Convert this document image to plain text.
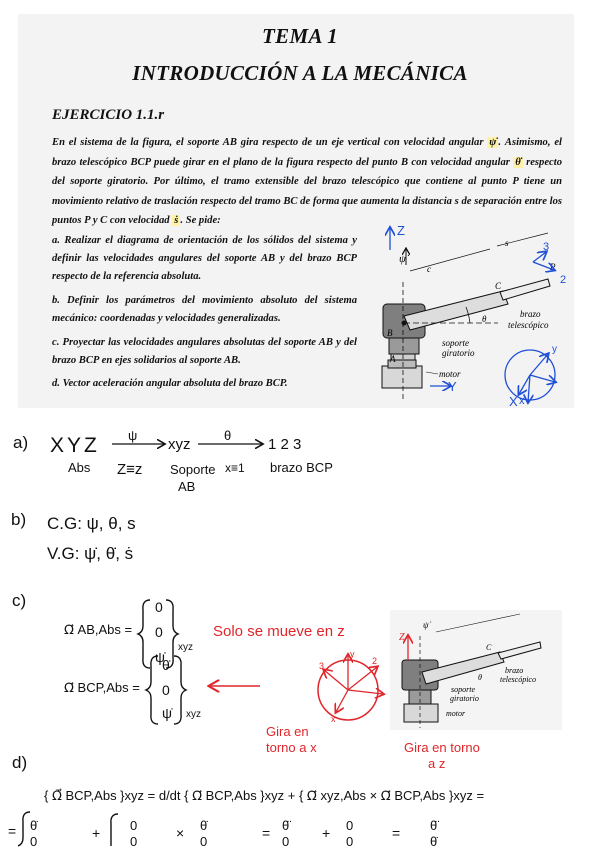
TEMA 1
INTRODUCCIÓN A LA MECÁNICA
EJERCICIO 1.1.r
En el sistema de la figura, el soporte AB gira respecto de un eje vertical con velocidad angular ψ̇ . Asimismo, el brazo telescópico BCP puede girar en el plano de la figura respecto del punto B con velocidad angular θ̇ respecto del soporte giratorio. Por último, el tramo extensible del brazo telescópico que contiene al punto P tiene un movimiento relativo de traslación respecto del tramo BC de forma que aumenta la distancia s de separación entre los puntos P y C con velocidad ṡ . Se pide:
a. Realizar el diagrama de orientación de los sólidos del sistema y definir las velocidades angulares del soporte AB y del brazo BCP respecto de la referencia absoluta.
b. Definir los parámetros del movimiento absoluto del sistema mecánico: coordenadas y velocidades generalizadas.
c. Proyectar las velocidades angulares absolutas del soporte AB y del brazo BCP en ejes solidarios al soporte AB.
d. Vector aceleración angular absoluta del brazo BCP.
ψ̇
s
c	P
C
B
A
θ	brazo
telescópico
soporte
giratorio
motor
Z
Y
3
2
y
x
X
a) XYZ ψ
xyz
θ
1 2 3
Abs Z≡z Soporte
AB
x≡1 brazo BCP
b) C.G: ψ, θ, s
V.G: ψ̇, θ̇, ṡ
c)
Ω⃗ AB,Abs =
0
0
ψ̇
xyz
Ω⃗ BCP,Abs =
θ̇
0
ψ̇ xyz
Solo se mueve en z
y
2
3
x
Gira en
torno a x	Gira en torno
a z
ψ̇
C
θ
brazo
telescópico
soporte
giratorio
motor
Z
d)
{ Ω̇⃗ BCP,Abs }xyz = d/dt { Ω⃗ BCP,Abs }xyz + { Ω⃗ xyz,Abs × Ω⃗ BCP,Abs }xyz =
= θ̇
0
+ 0
0
× θ̇
0
= θ̈
0
+ 0
0
= θ̈
θ̇
